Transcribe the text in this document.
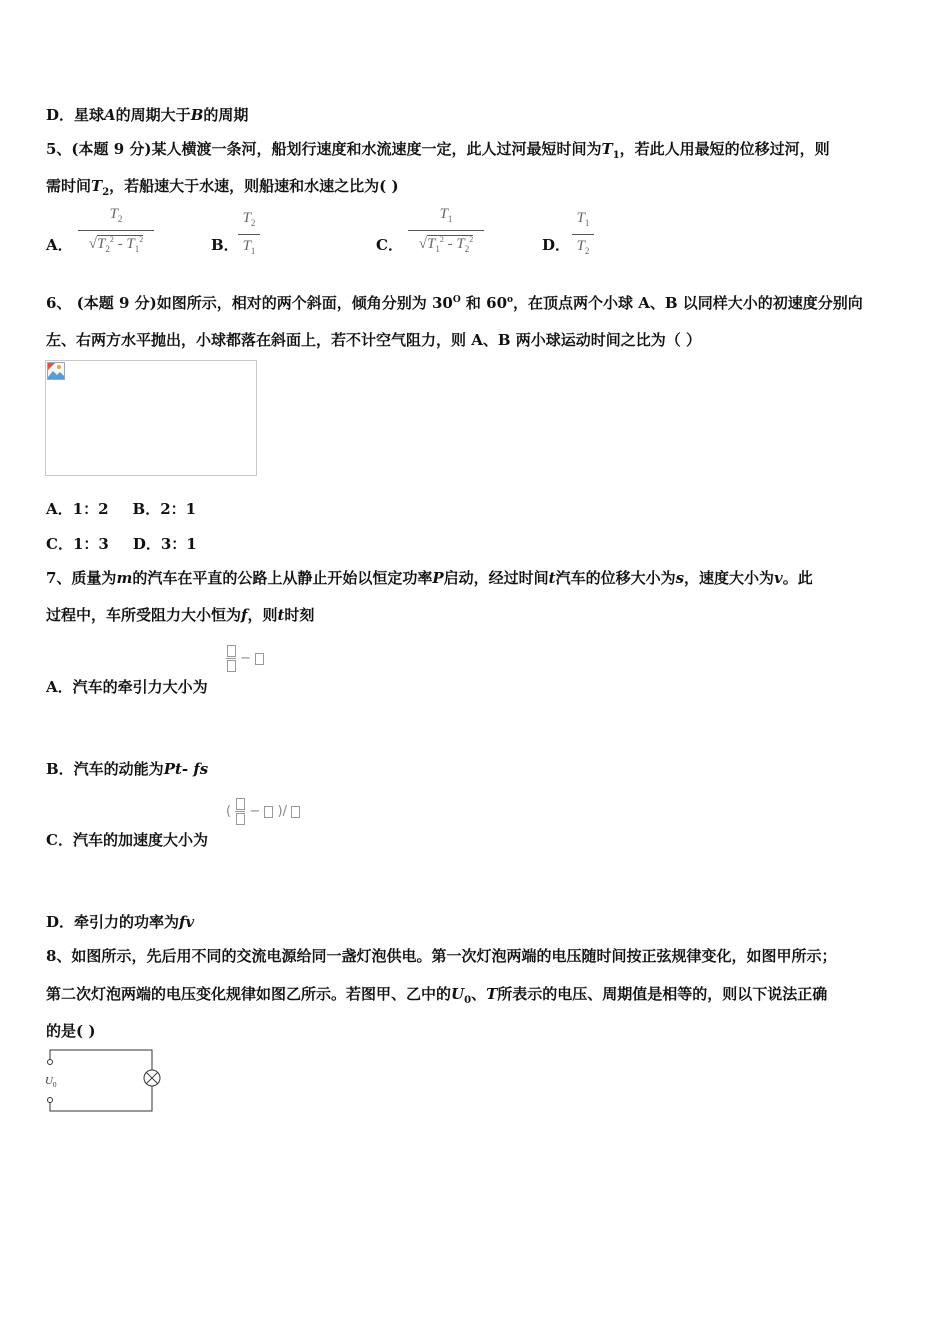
D．星球A的周期大于B的周期
5、(本题 9 分)某人横渡一条河，船划行速度和水流速度一定，此人过河最短时间为$T_1$，若此人用最短的位移过河，则
需时间$T_2$，若船速大于水速，则船速和水速之比为( )
A．
$T_2$
$√T_2^2 - T_1^2$	B．
$T_2$
$T_1$	C．
$T_1$
$√T_1^2 - T_2^2$	D．
$T_1$
$T_2$
6、 (本题 9 分)如图所示，相对的两个斜面，倾角分别为 $30^O$ 和 60$^o$，在顶点两个小球 A、B 以同样大小的初速度分别向
左、右两方水平抛出，小球都落在斜面上，若不计空气阻力，则 A、B 两小球运动时间之比为（ ）
A．1：2 B．2：1
C．1：3 D．3：1
7、质量为m的汽车在平直的公路上从静止开始以恒定功率P启动，经过时间t汽车的位移大小为s，速度大小为v。此
过程中，车所受阻力大小恒为f，则t时刻

−
A．汽车的牵引力大小为
B．汽车的动能为Pt- fs
( − )/
C．汽车的加速度大小为
D．牵引力的功率为fv
8、如图所示，先后用不同的交流电源给同一盏灯泡供电。第一次灯泡两端的电压随时间按正弦规律变化，如图甲所示；
第二次灯泡两端的电压变化规律如图乙所示。若图甲、乙中的$U_0$、T所表示的电压、周期值是相等的，则以下说法正确
的是( )
$U_0$
